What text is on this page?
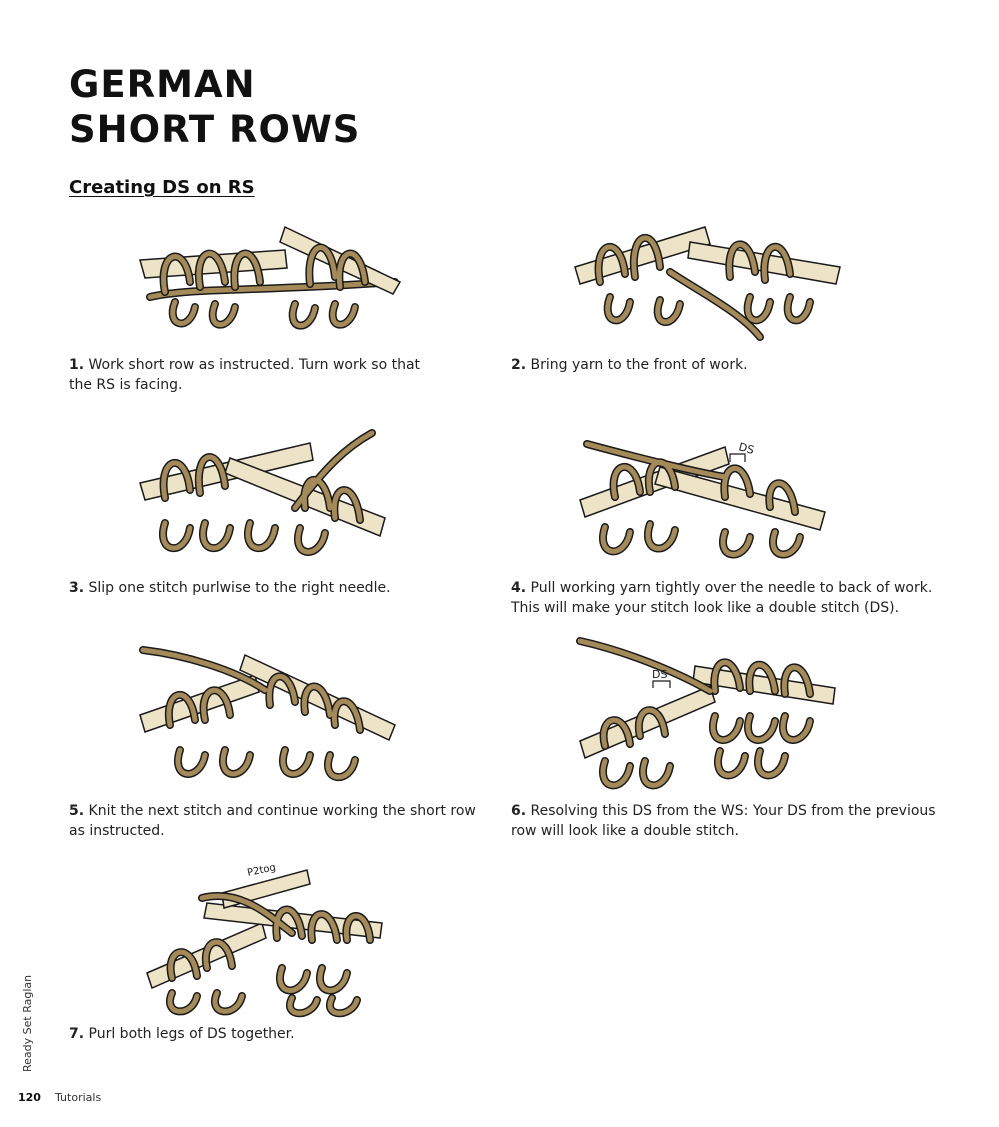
GERMAN
SHORT ROWS
Creating DS on RS
1. Work short row as instructed. Turn work so that
the RS is facing.
2. Bring yarn to the front of work.
DS
3. Slip one stitch purlwise to the right needle.	4. Pull working yarn tightly over the needle to back of work.
This will make your stitch look like a double stitch (DS).
DS
5. Knit the next stitch and continue working the short row
as instructed.
6. Resolving this DS from the WS: Your DS from the previous
row will look like a double stitch.
P2tog
7. Purl both legs of DS together.
Ready Set Raglan
120 Tutorials
